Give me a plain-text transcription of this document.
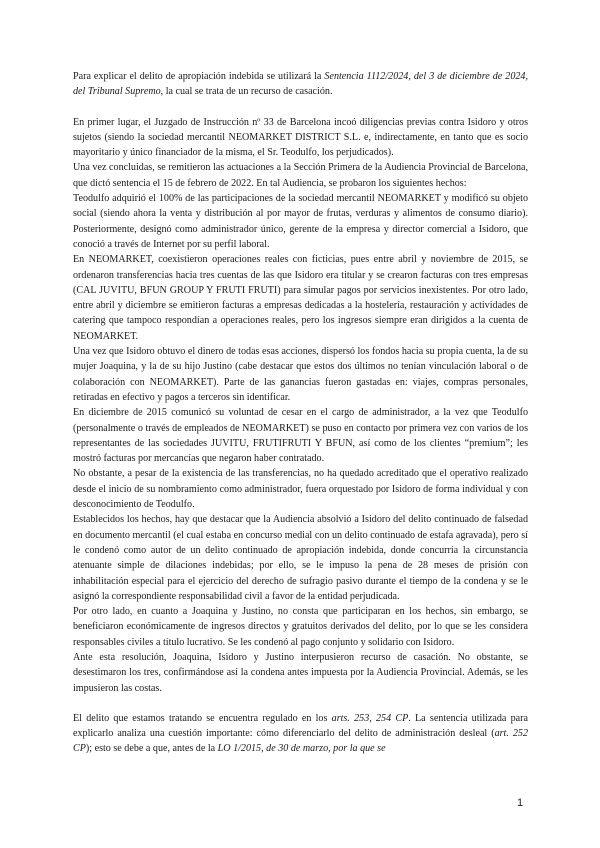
Para explicar el delito de apropiación indebida se utilizará la Sentencia 1112/2024, del 3 de diciembre de 2024, del Tribunal Supremo, la cual se trata de un recurso de casación.

En primer lugar, el Juzgado de Instrucción nº 33 de Barcelona incoó diligencias previas contra Isidoro y otros sujetos (siendo la sociedad mercantil NEOMARKET DISTRICT S.L. e, indirectamente, en tanto que es socio mayoritario y único financiador de la misma, el Sr. Teodulfo, los perjudicados).

Una vez concluidas, se remitieron las actuaciones a la Sección Primera de la Audiencia Provincial de Barcelona, que dictó sentencia el 15 de febrero de 2022. En tal Audiencia, se probaron los siguientes hechos:

Teodulfo adquirió el 100% de las participaciones de la sociedad mercantil NEOMARKET y modificó su objeto social (siendo ahora la venta y distribución al por mayor de frutas, verduras y alimentos de consumo diario). Posteriormente, designó como administrador único, gerente de la empresa y director comercial a Isidoro, que conoció a través de Internet por su perfil laboral.

En NEOMARKET, coexistieron operaciones reales con ficticias, pues entre abril y noviembre de 2015, se ordenaron transferencias hacia tres cuentas de las que Isidoro era titular y se crearon facturas con tres empresas (CAL JUVITU, BFUN GROUP Y FRUTI FRUTI) para simular pagos por servicios inexistentes. Por otro lado, entre abril y diciembre se emitieron facturas a empresas dedicadas a la hostelería, restauración y actividades de catering que tampoco respondían a operaciones reales, pero los ingresos siempre eran dirigidos a la cuenta de NEOMARKET.

Una vez que Isidoro obtuvo el dinero de todas esas acciones, dispersó los fondos hacia su propia cuenta, la de su mujer Joaquina, y la de su hijo Justino (cabe destacar que estos dos últimos no tenían vinculación laboral o de colaboración con NEOMARKET). Parte de las ganancias fueron gastadas en: viajes, compras personales, retiradas en efectivo y pagos a terceros sin identificar.

En diciembre de 2015 comunicó su voluntad de cesar en el cargo de administrador, a la vez que Teodulfo (personalmente o través de empleados de NEOMARKET) se puso en contacto por primera vez con varios de los representantes de las sociedades JUVITU, FRUTIFRUTI Y BFUN, así como de los clientes “premium”; les mostró facturas por mercancías que negaron haber contratado.

No obstante, a pesar de la existencia de las transferencias, no ha quedado acreditado que el operativo realizado desde el inicio de su nombramiento como administrador, fuera orquestado por Isidoro de forma individual y con desconocimiento de Teodulfo.

Establecidos los hechos, hay que destacar que la Audiencia absolvió a Isidoro del delito continuado de falsedad en documento mercantil (el cual estaba en concurso medial con un delito continuado de estafa agravada), pero sí le condenó como autor de un delito continuado de apropiación indebida, donde concurría la circunstancia atenuante simple de dilaciones indebidas; por ello, se le impuso la pena de 28 meses de prisión con inhabilitación especial para el ejercicio del derecho de sufragio pasivo durante el tiempo de la condena y se le asignó la correspondiente responsabilidad civil a favor de la entidad perjudicada.

Por otro lado, en cuanto a Joaquina y Justino, no consta que participaran en los hechos, sin embargo, se beneficiaron económicamente de ingresos directos y gratuitos derivados del delito, por lo que se les considera responsables civiles a título lucrativo. Se les condenó al pago conjunto y solidario con Isidoro.

Ante esta resolución, Joaquina, Isidoro y Justino interpusieron recurso de casación. No obstante, se desestimaron los tres, confirmándose así la condena antes impuesta por la Audiencia Provincial. Además, se les impusieron las costas.

El delito que estamos tratando se encuentra regulado en los arts. 253, 254 CP. La sentencia utilizada para explicarlo analiza una cuestión importante: cómo diferenciarlo del delito de administración desleal (art. 252 CP); esto se debe a que, antes de la LO 1/2015, de 30 de marzo, por la que se

1
